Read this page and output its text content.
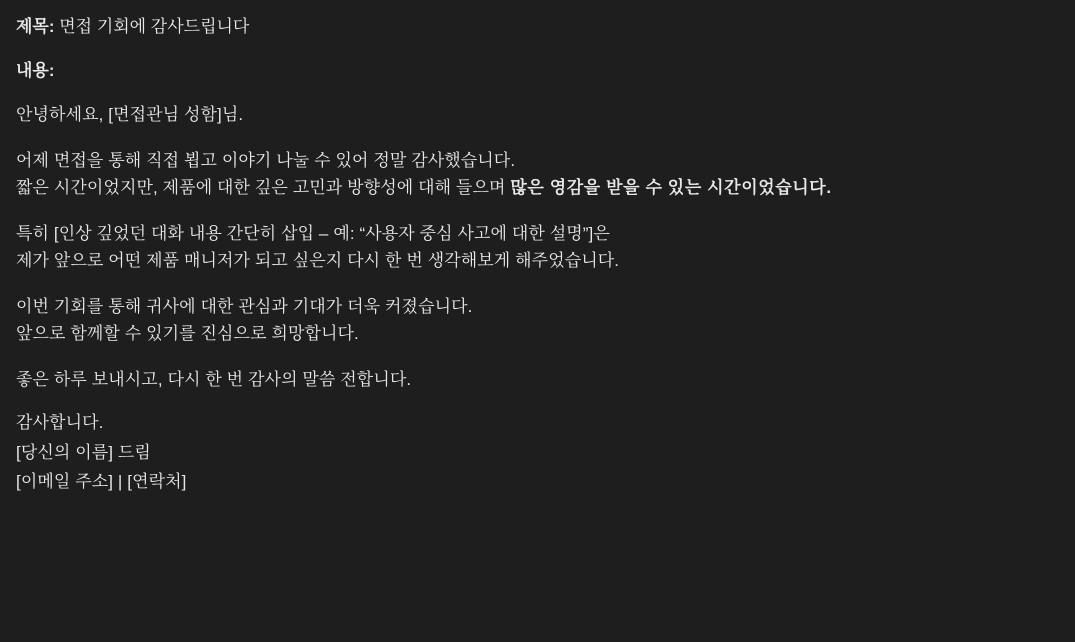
제목: 면접 기회에 감사드립니다

내용:

안녕하세요, [면접관님 성함]님.

어제 면접을 통해 직접 뵙고 이야기 나눌 수 있어 정말 감사했습니다.
짧은 시간이었지만, 제품에 대한 깊은 고민과 방향성에 대해 들으며 많은 영감을 받을 수 있는 시간이었습니다.

특히 [인상 깊었던 대화 내용 간단히 삽입 – 예: “사용자 중심 사고에 대한 설명”]은
제가 앞으로 어떤 제품 매니저가 되고 싶은지 다시 한 번 생각해보게 해주었습니다.

이번 기회를 통해 귀사에 대한 관심과 기대가 더욱 커졌습니다.
앞으로 함께할 수 있기를 진심으로 희망합니다.

좋은 하루 보내시고, 다시 한 번 감사의 말씀 전합니다.

감사합니다.
[당신의 이름] 드림
[이메일 주소] | [연락처]
